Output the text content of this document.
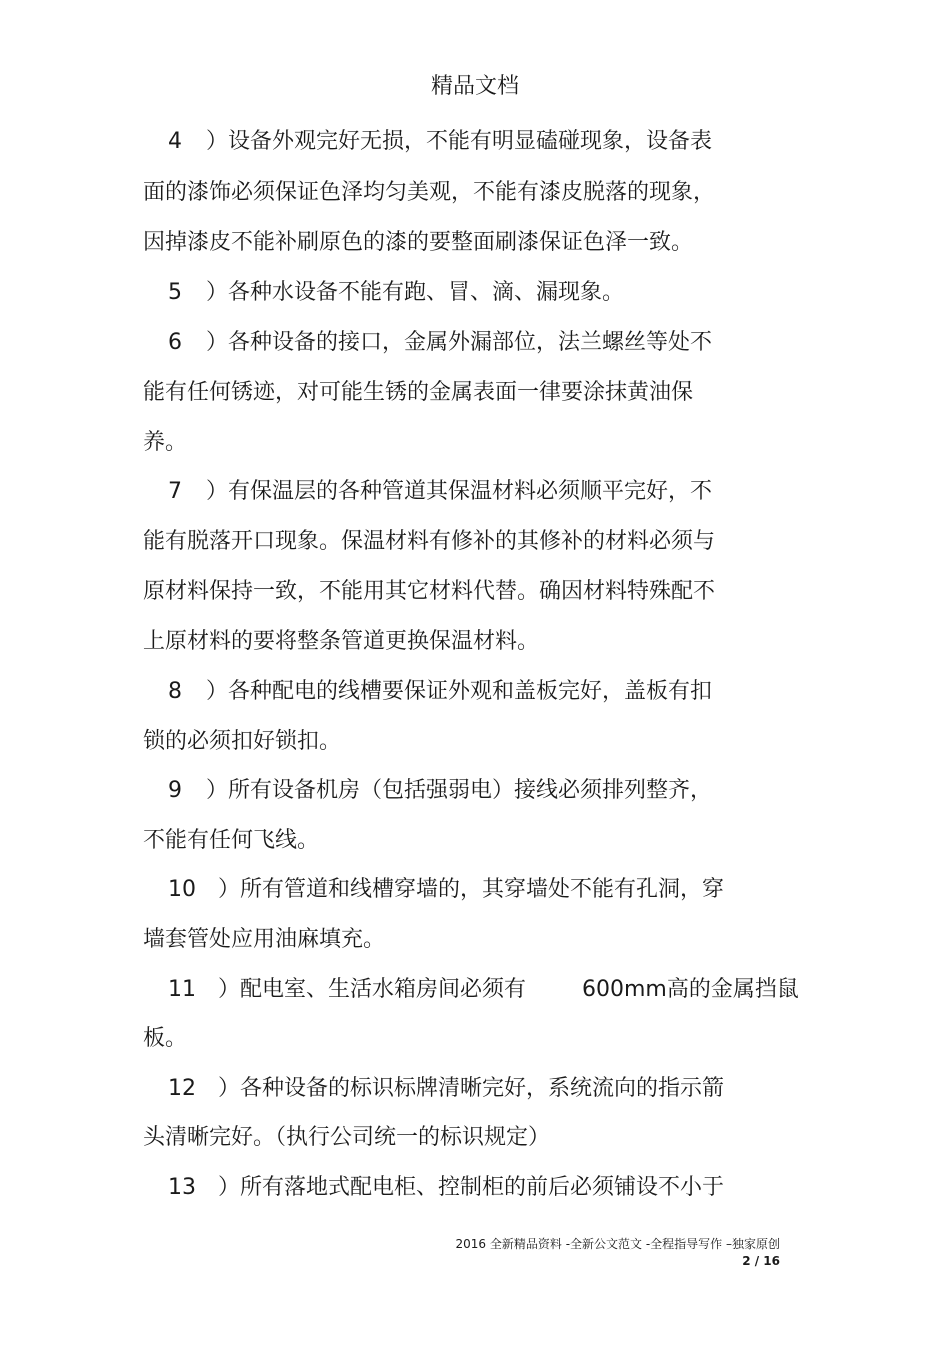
精品文档
4 ）设备外观完好无损，不能有明显磕碰现象，设备表
面的漆饰必须保证色泽均匀美观，不能有漆皮脱落的现象，
因掉漆皮不能补刷原色的漆的要整面刷漆保证色泽一致。
5 ）各种水设备不能有跑、冒、滴、漏现象。
6 ）各种设备的接口，金属外漏部位，法兰螺丝等处不
能有任何锈迹，对可能生锈的金属表面一律要涂抹黄油保
养。
7 ）有保温层的各种管道其保温材料必须顺平完好，不
能有脱落开口现象。保温材料有修补的其修补的材料必须与
原材料保持一致，不能用其它材料代替。确因材料特殊配不
上原材料的要将整条管道更换保温材料。
8 ）各种配电的线槽要保证外观和盖板完好，盖板有扣
锁的必须扣好锁扣。
9 ）所有设备机房（包括强弱电）接线必须排列整齐，
不能有任何飞线。
10 ）所有管道和线槽穿墙的，其穿墙处不能有孔洞，穿
墙套管处应用油麻填充。
11 ）配电室、生活水箱房间必须有	600mm高的金属挡鼠
板。
12 ）各种设备的标识标牌清晰完好，系统流向的指示箭
头清晰完好。（执行公司统一的标识规定）
13 ）所有落地式配电柜、控制柜的前后必须铺设不小于
2016 全新精品资料 -全新公文范文 -全程指导写作 –独家原创
2 / 16
